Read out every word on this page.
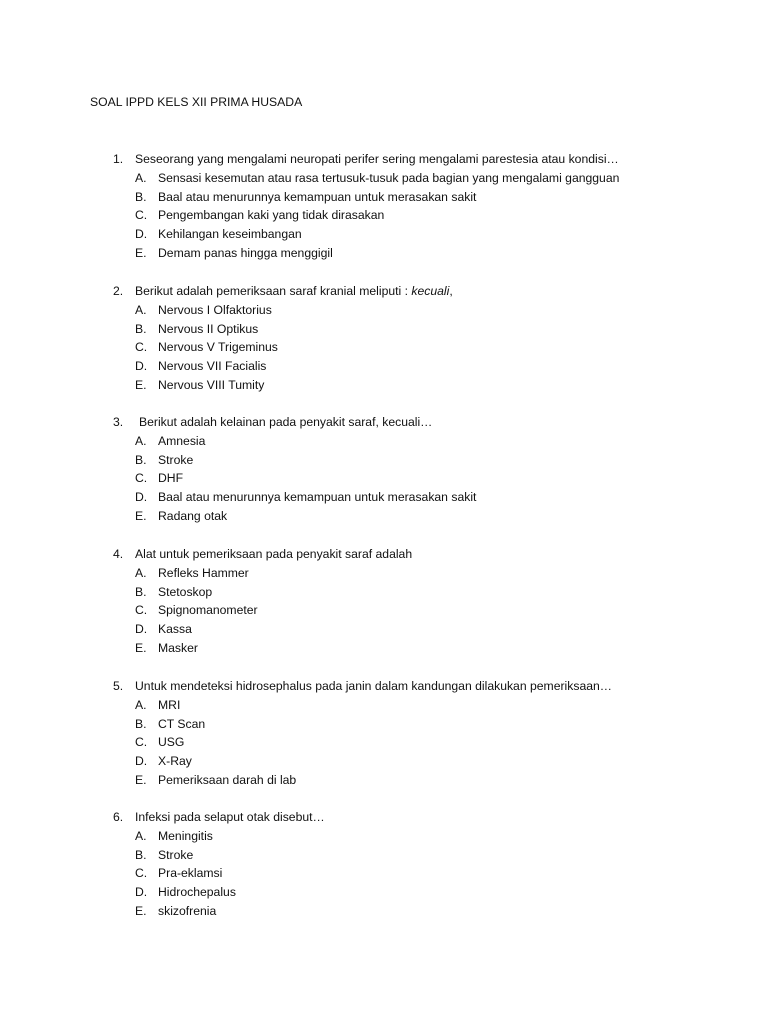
SOAL IPPD KELS XII PRIMA HUSADA
1. Seseorang yang mengalami neuropati perifer sering mengalami parestesia atau kondisi…
A. Sensasi kesemutan atau rasa tertusuk-tusuk pada bagian yang mengalami gangguan
B. Baal atau menurunnya kemampuan untuk merasakan sakit
C. Pengembangan kaki yang tidak dirasakan
D. Kehilangan keseimbangan
E. Demam panas hingga menggigil
2. Berikut adalah pemeriksaan saraf kranial meliputi : kecuali,
A. Nervous I Olfaktorius
B. Nervous II Optikus
C. Nervous V Trigeminus
D. Nervous VII Facialis
E. Nervous VIII Tumity
3. Berikut adalah kelainan pada penyakit saraf, kecuali…
A. Amnesia
B. Stroke
C. DHF
D. Baal atau menurunnya kemampuan untuk merasakan sakit
E. Radang otak
4. Alat untuk pemeriksaan pada penyakit saraf adalah
A. Refleks Hammer
B. Stetoskop
C. Spignomanometer
D. Kassa
E. Masker
5. Untuk mendeteksi hidrosephalus pada janin dalam kandungan dilakukan pemeriksaan…
A. MRI
B. CT Scan
C. USG
D. X-Ray
E. Pemeriksaan darah di lab
6. Infeksi pada selaput otak disebut…
A. Meningitis
B. Stroke
C. Pra-eklamsi
D. Hidrochepalus
E. skizofrenia
